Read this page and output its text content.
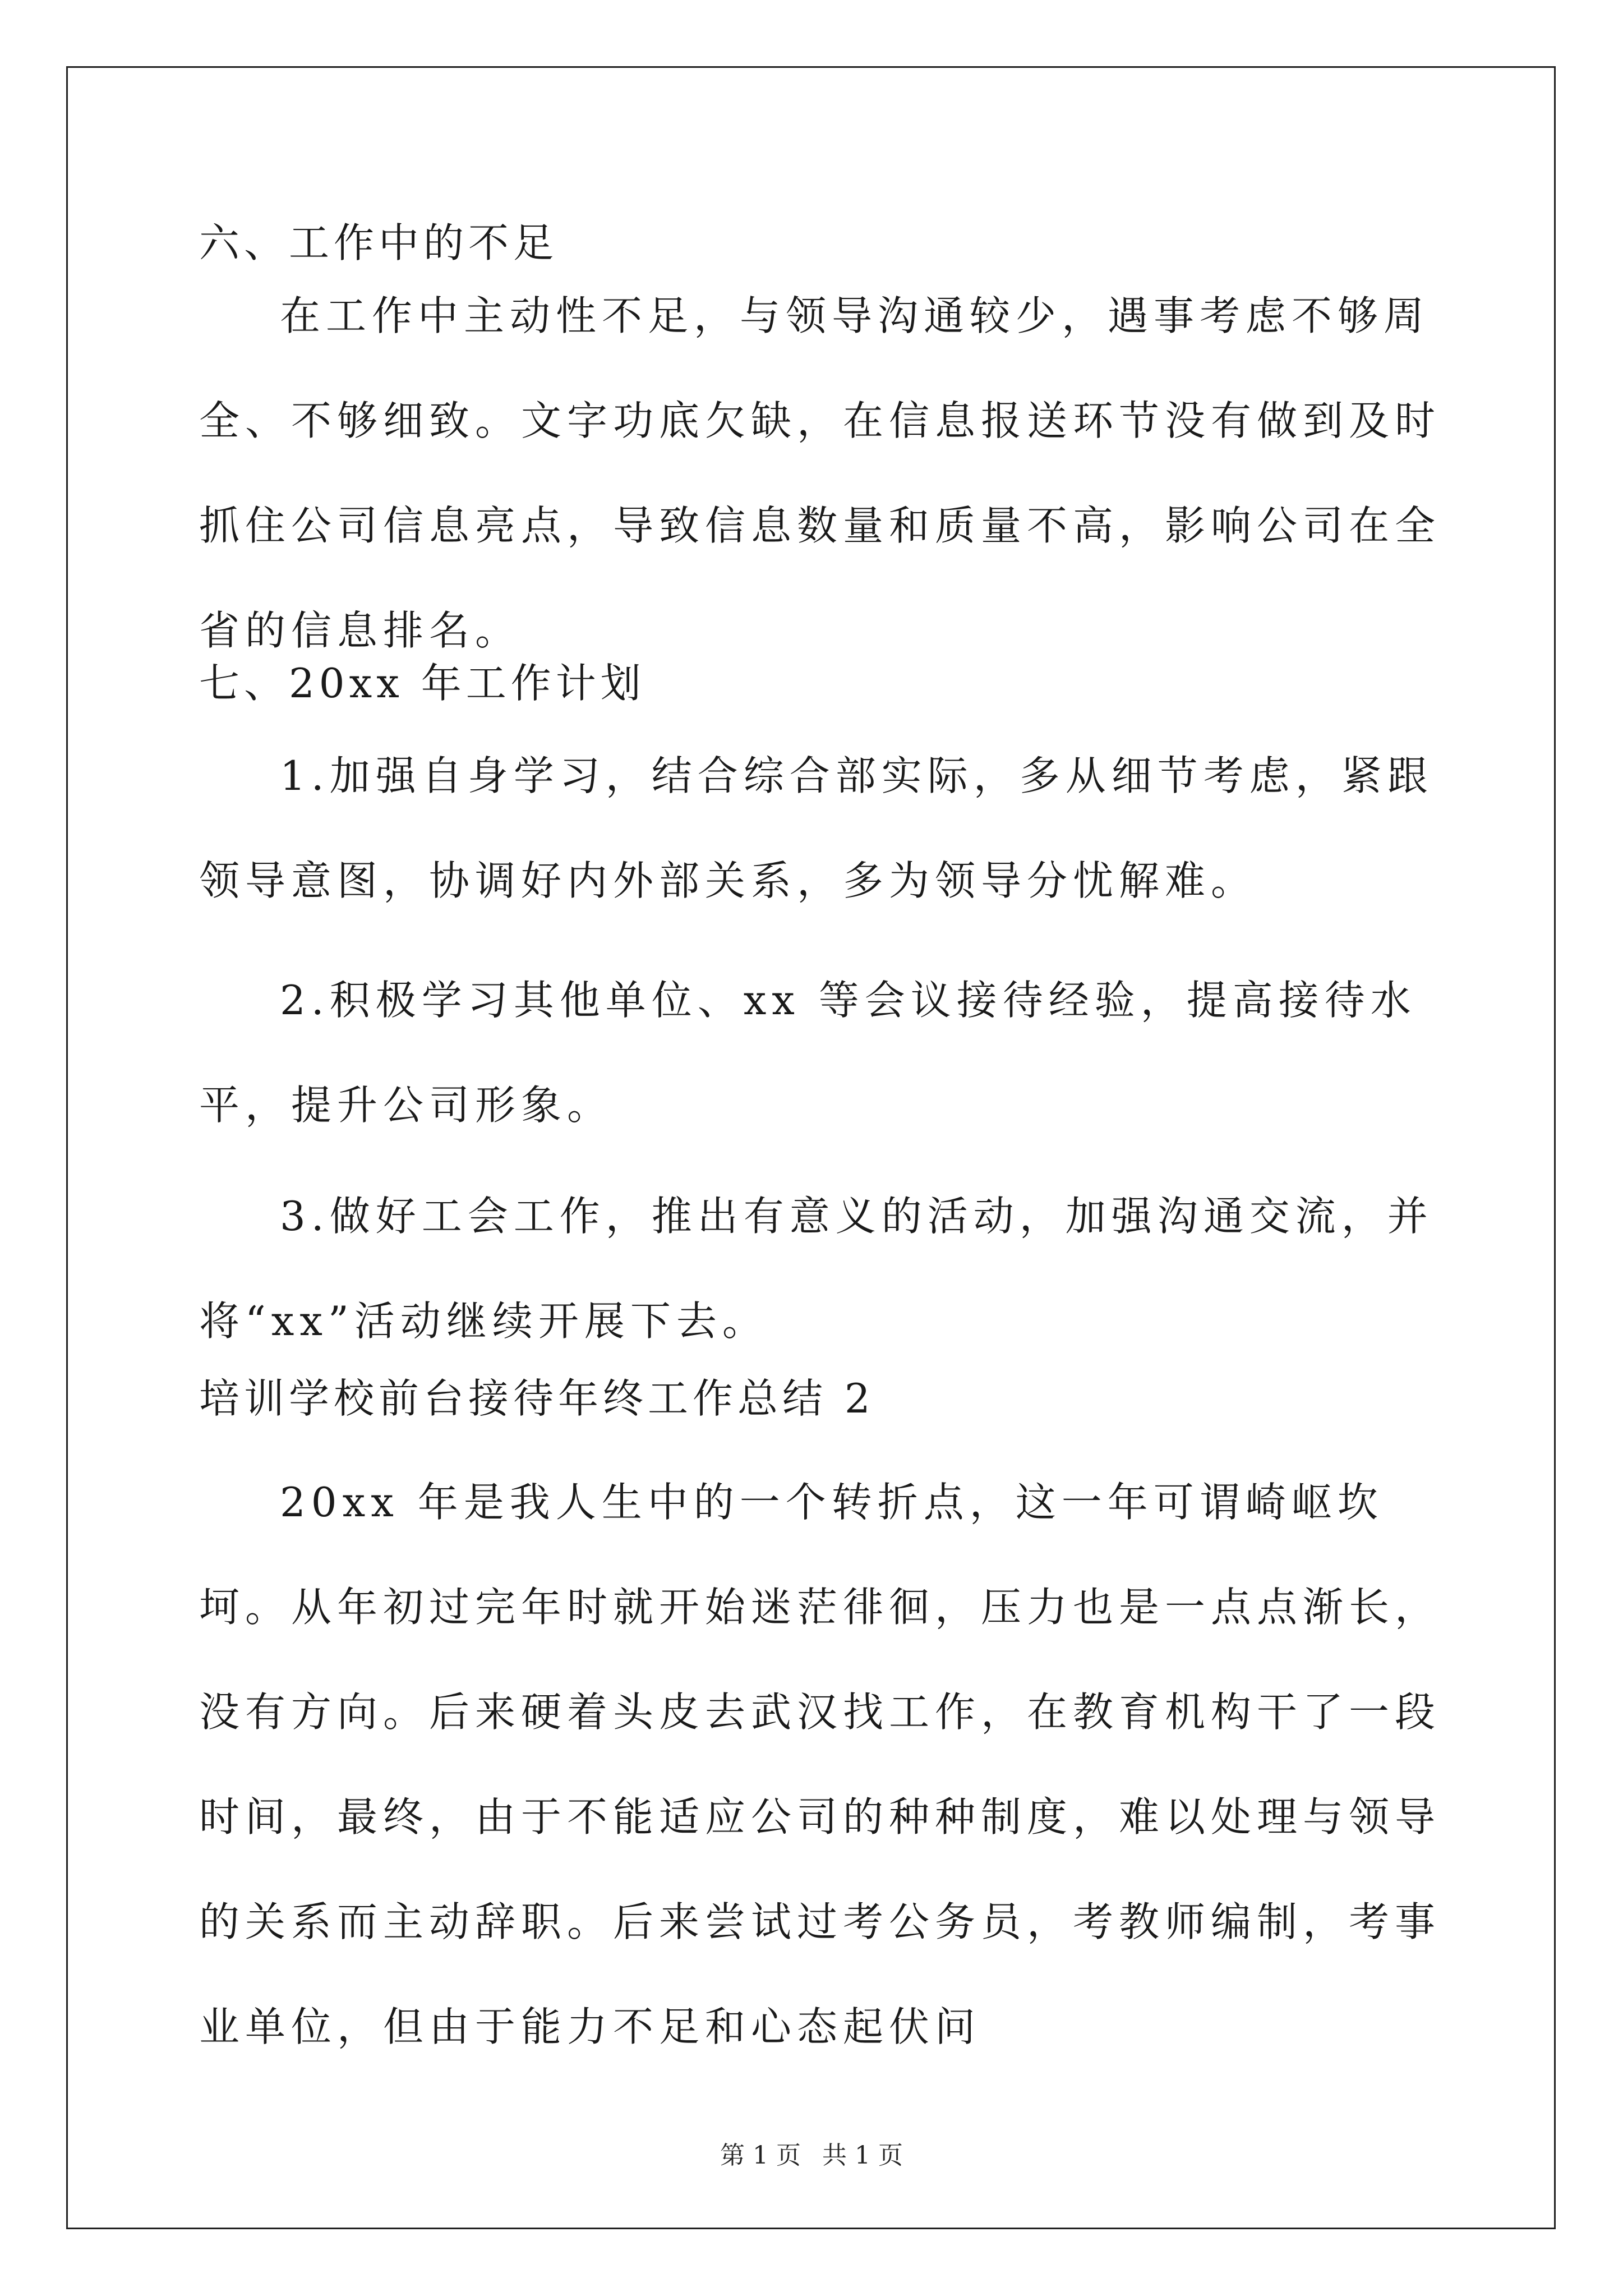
六、工作中的不足

在工作中主动性不足，与领导沟通较少，遇事考虑不够周全、不够细致。文字功底欠缺，在信息报送环节没有做到及时抓住公司信息亮点，导致信息数量和质量不高，影响公司在全省的信息排名。

七、20xx 年工作计划

1.加强自身学习，结合综合部实际，多从细节考虑，紧跟领导意图，协调好内外部关系，多为领导分忧解难。

2.积极学习其他单位、xx 等会议接待经验，提高接待水平，提升公司形象。

3.做好工会工作，推出有意义的活动，加强沟通交流，并将“xx”活动继续开展下去。

培训学校前台接待年终工作总结 2

20xx 年是我人生中的一个转折点，这一年可谓崎岖坎坷。从年初过完年时就开始迷茫徘徊，压力也是一点点渐长，没有方向。后来硬着头皮去武汉找工作，在教育机构干了一段时间，最终，由于不能适应公司的种种制度，难以处理与领导的关系而主动辞职。后来尝试过考公务员，考教师编制，考事业单位，但由于能力不足和心态起伏问

第 1 页 共 1 页
